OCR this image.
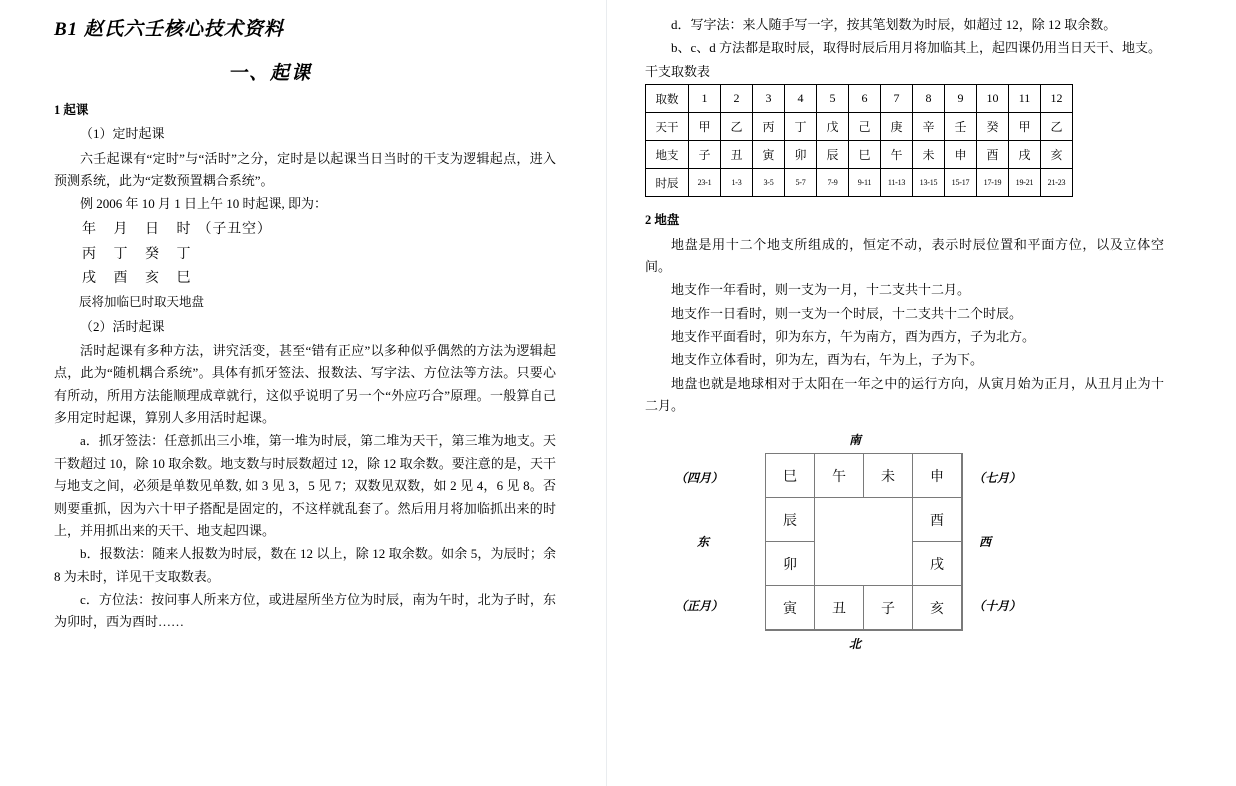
B1 赵氏六壬核心技术资料
一、起课
1 起课
（1）定时起课

六壬起课有“定时”与“活时”之分，定时是以起课当日当时的干支为逻辑起点，进入预测系统，此为“定数预置耦合系统”。

例 2006 年 10 月 1 日上午 10 时起课, 即为：

年 月 日 时（子丑空）
丙 丁 癸 丁
戌 酉 亥 巳
辰将加临巳时取天地盘
（2）活时起课

活时起课有多种方法，讲究活变，甚至“错有正应”以多种似乎偶然的方法为逻辑起点，此为“随机耦合系统”。具体有抓牙签法、报数法、写字法、方位法等方法。只要心有所动，所用方法能顺理成章就行，这似乎说明了另一个“外应巧合”原理。一般算自己多用定时起课，算别人多用活时起课。

a．抓牙签法：任意抓出三小堆，第一堆为时辰，第二堆为天干，第三堆为地支。天干数超过 10，除 10 取余数。地支数与时辰数超过 12，除 12 取余数。要注意的是，天干与地支之间，必须是单数见单数, 如 3 见 3，5 见 7；双数见双数，如 2 见 4，6 见 8。否则要重抓，因为六十甲子搭配是固定的，不这样就乱套了。然后用月将加临抓出来的时上，并用抓出来的天干、地支起四课。

b．报数法：随来人报数为时辰，数在 12 以上，除 12 取余数。如余 5，为辰时；余 8 为未时，详见干支取数表。

c．方位法：按问事人所来方位，或进屋所坐方位为时辰，南为午时，北为子时，东为卯时，西为酉时……

d．写字法：来人随手写一字，按其笔划数为时辰，如超过 12，除 12 取余数。

b、c、d 方法都是取时辰，取得时辰后用月将加临其上，起四课仍用当日天干、地支。

干支取数表
取数	1	2	3	4	5	6	7	8	9	10	11	12
天干	甲	乙	丙	丁	戊	己	庚	辛	壬	癸	甲	乙
地支	子	丑	寅	卯	辰	巳	午	未	申	酉	戌	亥
时辰	23-1	1-3	3-5	5-7	7-9	9-11	11-13	13-15	15-17	17-19	19-21	21-23
2 地盘

地盘是用十二个地支所组成的，恒定不动，表示时辰位置和平面方位，以及立体空间。

地支作一年看时，则一支为一月，十二支共十二月。

地支作一日看时，则一支为一个时辰，十二支共十二个时辰。

地支作平面看时，卯为东方，午为南方，酉为西方，子为北方。

地支作立体看时，卯为左，酉为右，午为上，子为下。

地盘也就是地球相对于太阳在一年之中的运行方向，从寅月始为正月，从丑月止为十二月。

南
北
东	西
（四月）	（七月）
（正月）	（十月）
巳	午	未	申
辰	酉
卯	戌
寅	丑	子	亥
